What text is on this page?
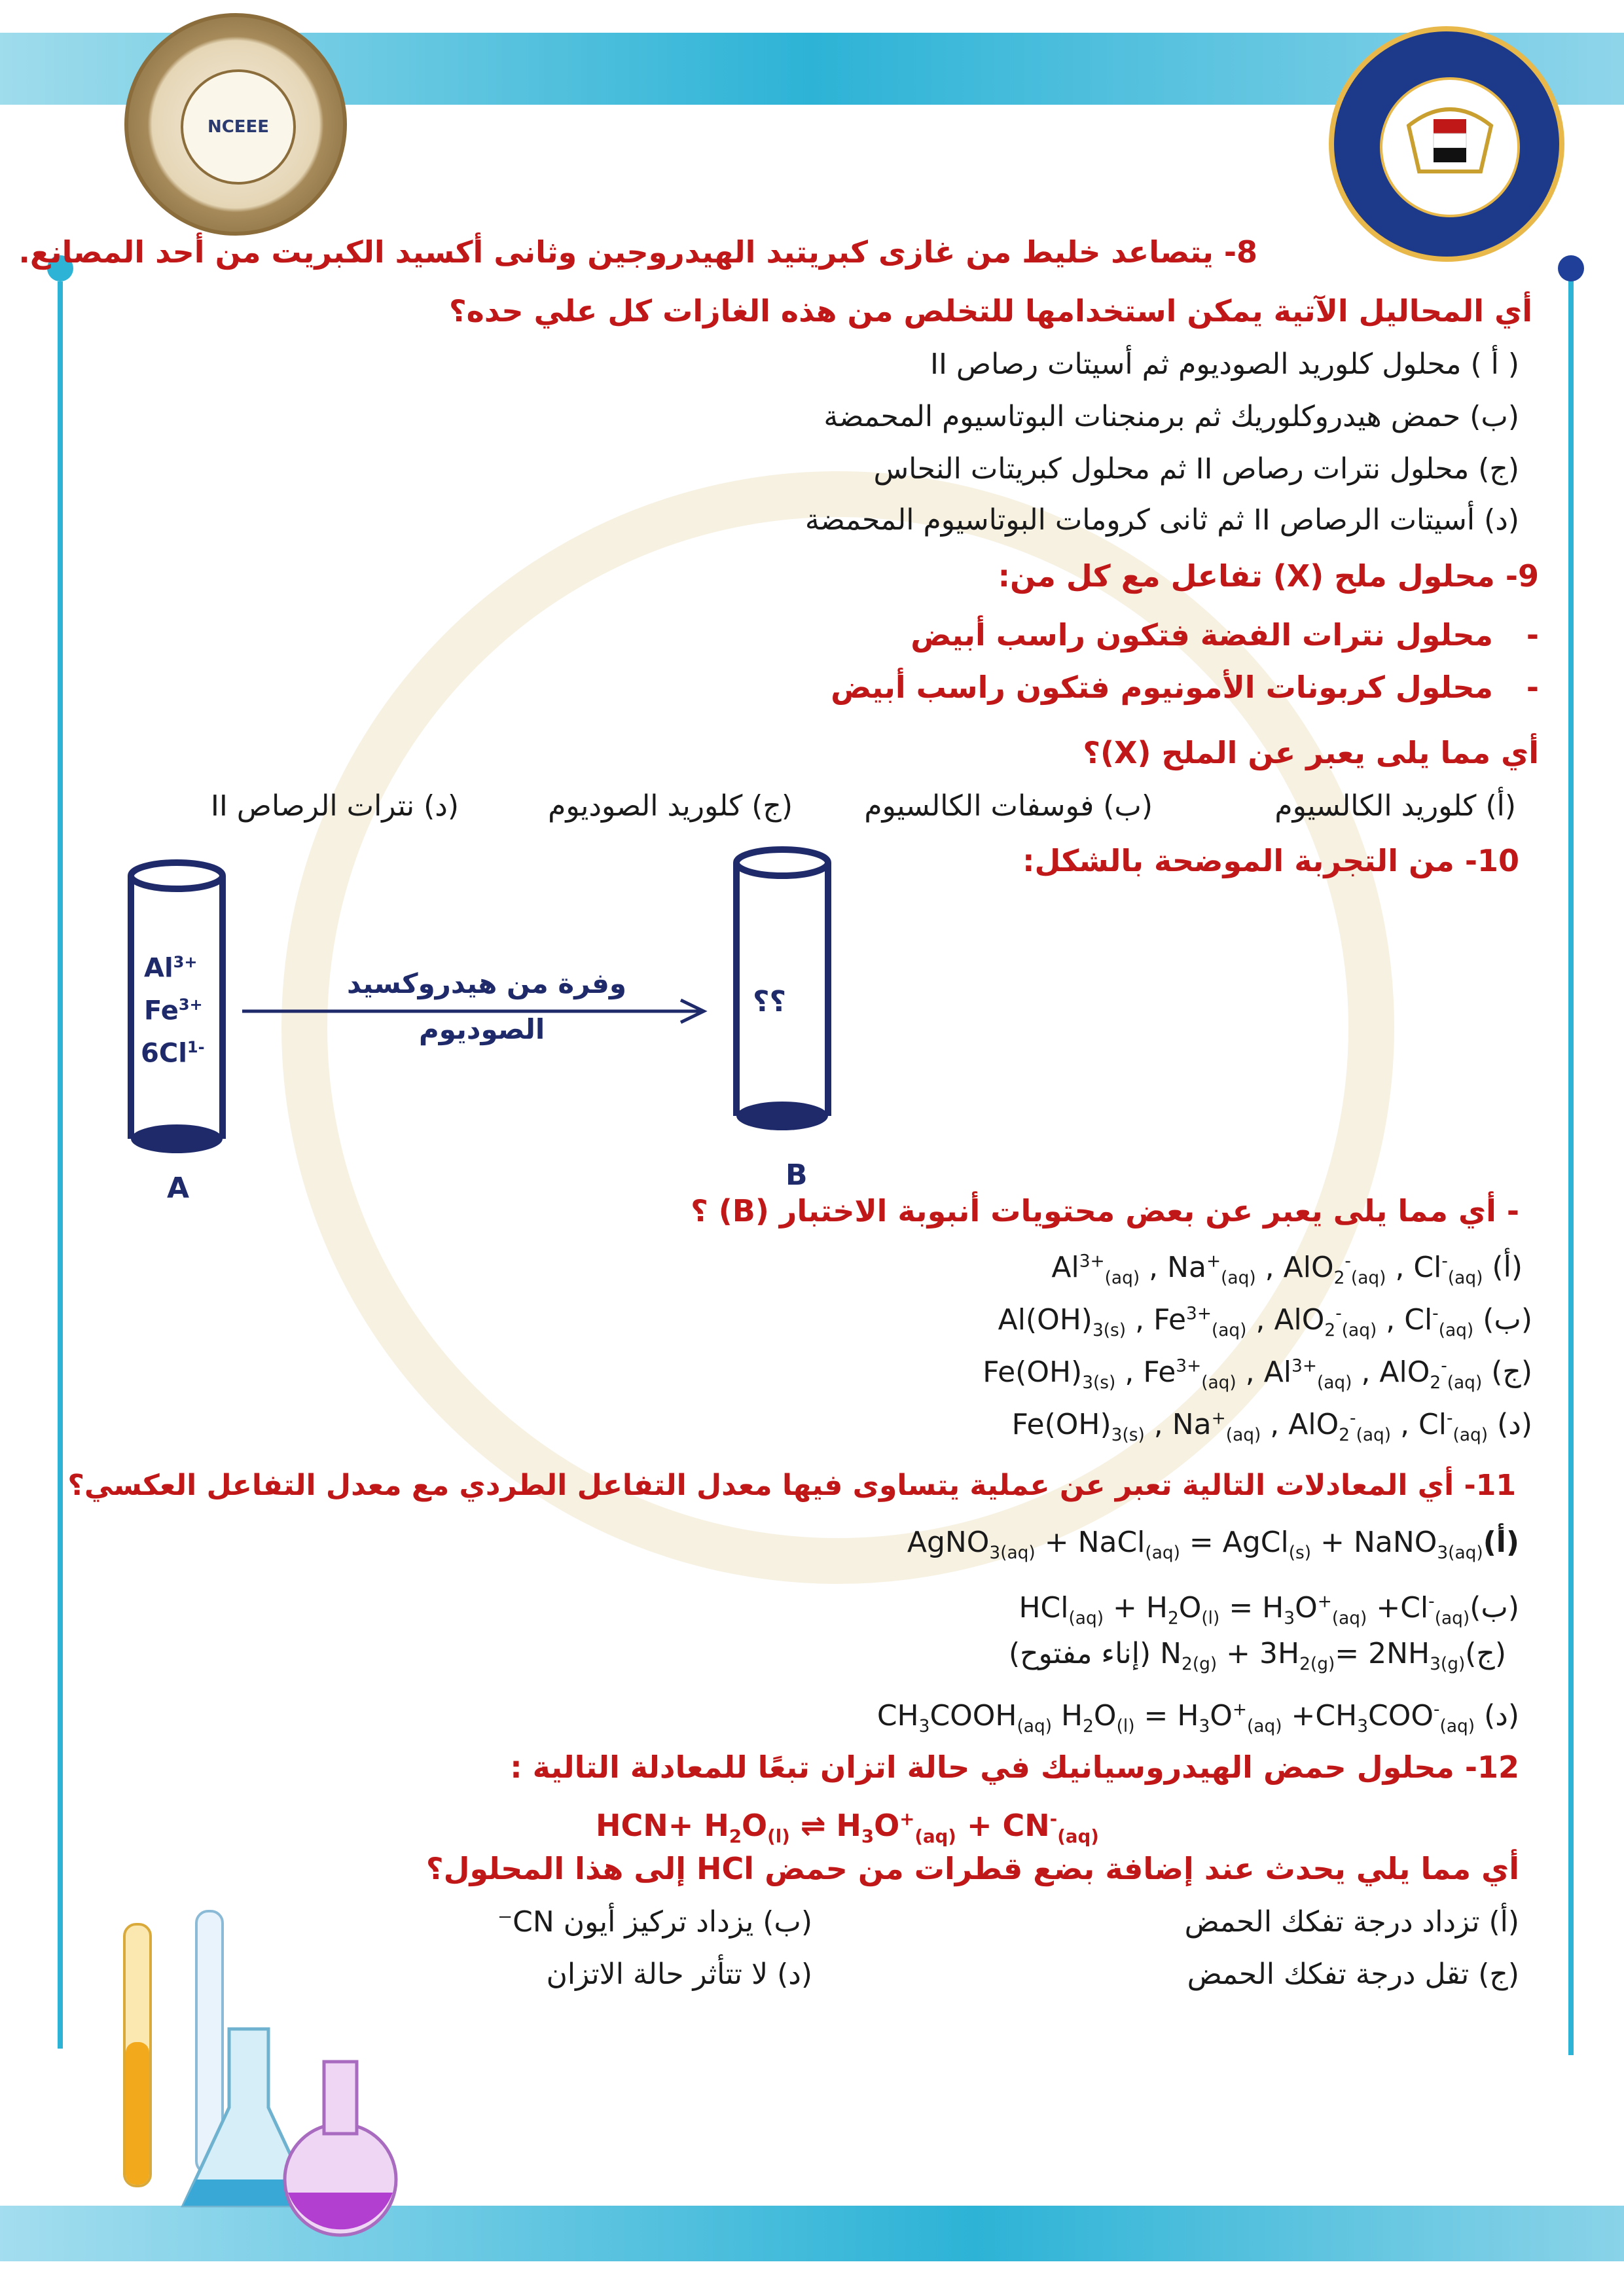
NCEEE
8- يتصاعد خليط من غازى كبريتيد الهيدروجين وثانى أكسيد الكبريت من أحد المصانع.
أي المحاليل الآتية يمكن استخدامها للتخلص من هذه الغازات كل علي حده؟
( أ ) محلول كلوريد الصوديوم ثم أسيتات رصاص II
(ب) حمض هيدروكلوريك ثم برمنجنات البوتاسيوم المحمضة
(ج) محلول نترات رصاص II ثم محلول كبريتات النحاس
(د) أسيتات الرصاص II ثم ثانى كرومات البوتاسيوم المحمضة
9- محلول ملح (X) تفاعل مع كل من:
-
محلول نترات الفضة فتكون راسب أبيض
-
محلول كربونات الأمونيوم فتكون راسب أبيض
أي مما يلى يعبر عن الملح (X)؟
(أ) كلوريد الكالسيوم
(ب) فوسفات الكالسيوم
(ج) كلوريد الصوديوم
(د) نترات الرصاص II
10- من التجربة الموضحة بالشكل:
$Al^{3+}$
$Fe^{3+}$
$6Cl^{1-}$
A
وفرة من هيدروكسيد
الصوديوم
؟؟
B
- أي مما يلى يعبر عن بعض محتويات أنبوبة الاختبار (B) ؟
$Al^{3+}_{(aq)}$ , $Na^+_{(aq)}$ , AlO$_2$-$_{(aq)}$ , $Cl^-_{(aq)}$ (أ)
$Al(OH)_{3(s)}$ , $Fe^{3+}_{(aq)}$ , AlO$_2$-$_{(aq)}$ , $Cl^-_{(aq)}$ (ب)
$Fe(OH)_{3(s)}$ , $Fe^{3+}_{(aq)}$ , $Al^{3+}_{(aq)}$ , AlO$_2$-$_{(aq)}$ (ج)
$Fe(OH)_{3(s)}$ , $Na^+_{(aq)}$ , AlO$_2$-$_{(aq)}$ , $Cl^-_{(aq)}$ (د)
11- أي المعادلات التالية تعبر عن عملية يتساوى فيها معدل التفاعل الطردي مع معدل التفاعل العكسي؟
AgNO$_{3(aq)}$ + NaCl$_{(aq)}$ = AgCl$_{(s)}$ + NaNO$_{3(aq)}$(أ)
$HCl_{(aq)} + H_2O_{(l)} = H_3O^+_{(aq)}$ $+Cl^-_{(aq)}(ب)$
(إناء مفتوح) $N_{2(g)} + 3H_{2(g)}=$ $2NH_{3(g)}(ج)$
$CH_3COOH_{(aq)}$ $H_2O_{(l)} = H_3O^+_{(aq)} +CH_3COO^-_{(aq)}$ (د)
12- محلول حمض الهيدروسيانيك في حالة اتزان تبعًا للمعادلة التالية :
$HCN+ H_2O_{(l)}$ ⇌ $H_3O^+_{(aq)} + CN^-_{(aq)}$
أي مما يلي يحدث عند إضافة بضع قطرات من حمض HCl إلى هذا المحلول؟
(أ) تزداد درجة تفكك الحمض
(ب) يزداد تركيز أيون CN⁻
(ج) تقل درجة تفكك الحمض
(د) لا تتأثر حالة الاتزان
